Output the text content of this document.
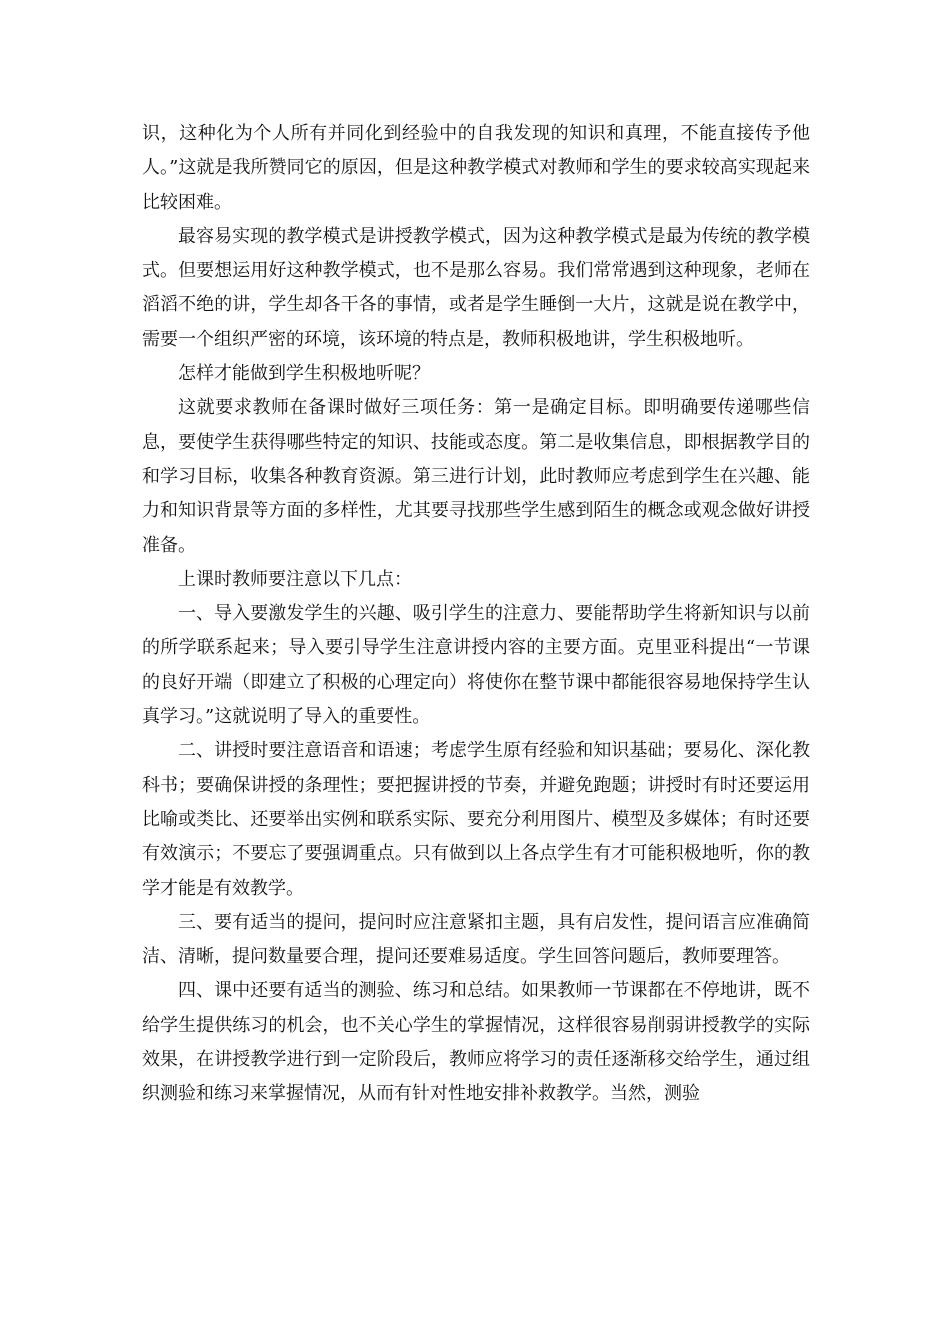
识，这种化为个人所有并同化到经验中的自我发现的知识和真理，不能直接传予他人。”这就是我所赞同它的原因，但是这种教学模式对教师和学生的要求较高实现起来比较困难。

最容易实现的教学模式是讲授教学模式，因为这种教学模式是最为传统的教学模式。但要想运用好这种教学模式，也不是那么容易。我们常常遇到这种现象，老师在滔滔不绝的讲，学生却各干各的事情，或者是学生睡倒一大片，这就是说在教学中，需要一个组织严密的环境，该环境的特点是，教师积极地讲，学生积极地听。

怎样才能做到学生积极地听呢？

这就要求教师在备课时做好三项任务：第一是确定目标。即明确要传递哪些信息，要使学生获得哪些特定的知识、技能或态度。第二是收集信息，即根据教学目的和学习目标，收集各种教育资源。第三进行计划，此时教师应考虑到学生在兴趣、能力和知识背景等方面的多样性，尤其要寻找那些学生感到陌生的概念或观念做好讲授准备。

上课时教师要注意以下几点：

一、导入要激发学生的兴趣、吸引学生的注意力、要能帮助学生将新知识与以前的所学联系起来；导入要引导学生注意讲授内容的主要方面。克里亚科提出“一节课的良好开端（即建立了积极的心理定向）将使你在整节课中都能很容易地保持学生认真学习。”这就说明了导入的重要性。

二、讲授时要注意语音和语速；考虑学生原有经验和知识基础；要易化、深化教科书；要确保讲授的条理性；要把握讲授的节奏，并避免跑题；讲授时有时还要运用比喻或类比、还要举出实例和联系实际、要充分利用图片、模型及多媒体；有时还要有效演示；不要忘了要强调重点。只有做到以上各点学生有才可能积极地听，你的教学才能是有效教学。

三、要有适当的提问，提问时应注意紧扣主题，具有启发性，提问语言应准确简洁、清晰，提问数量要合理，提问还要难易适度。学生回答问题后，教师要理答。

四、课中还要有适当的测验、练习和总结。如果教师一节课都在不停地讲，既不给学生提供练习的机会，也不关心学生的掌握情况，这样很容易削弱讲授教学的实际效果，在讲授教学进行到一定阶段后，教师应将学习的责任逐渐移交给学生，通过组织测验和练习来掌握情况，从而有针对性地安排补救教学。当然，测验
